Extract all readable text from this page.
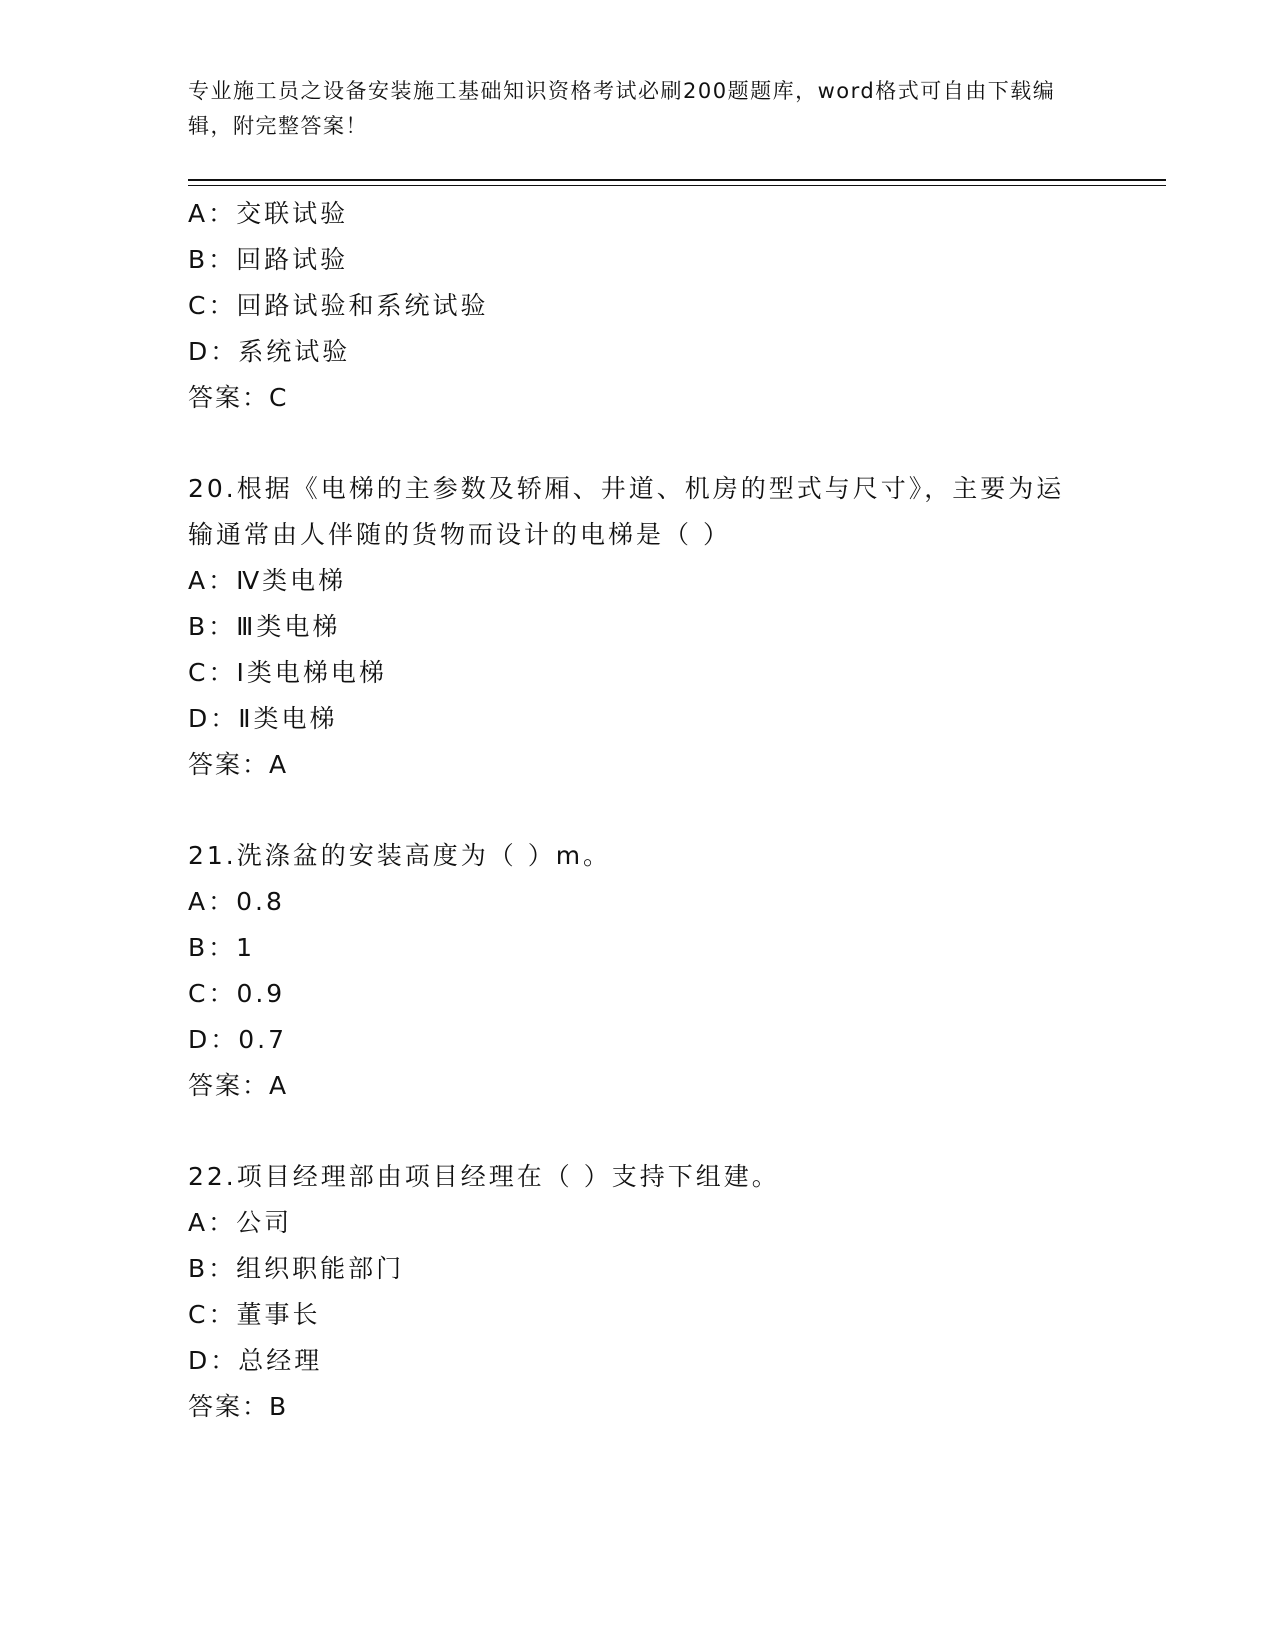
专业施工员之设备安装施工基础知识资格考试必刷200题题库，word格式可自由下载编辑，附完整答案！
A：交联试验
B：回路试验
C：回路试验和系统试验
D：系统试验
答案：C
20.根据《电梯的主参数及轿厢、井道、机房的型式与尺寸》，主要为运输通常由人伴随的货物而设计的电梯是（ ）
A：Ⅳ类电梯
B：Ⅲ类电梯
C：Ⅰ类电梯电梯
D：Ⅱ类电梯
答案：A
21.洗涤盆的安装高度为（ ）m。
A：0.8
B：1
C：0.9
D：0.7
答案：A
22.项目经理部由项目经理在（ ）支持下组建。
A：公司
B：组织职能部门
C：董事长
D：总经理
答案：B
